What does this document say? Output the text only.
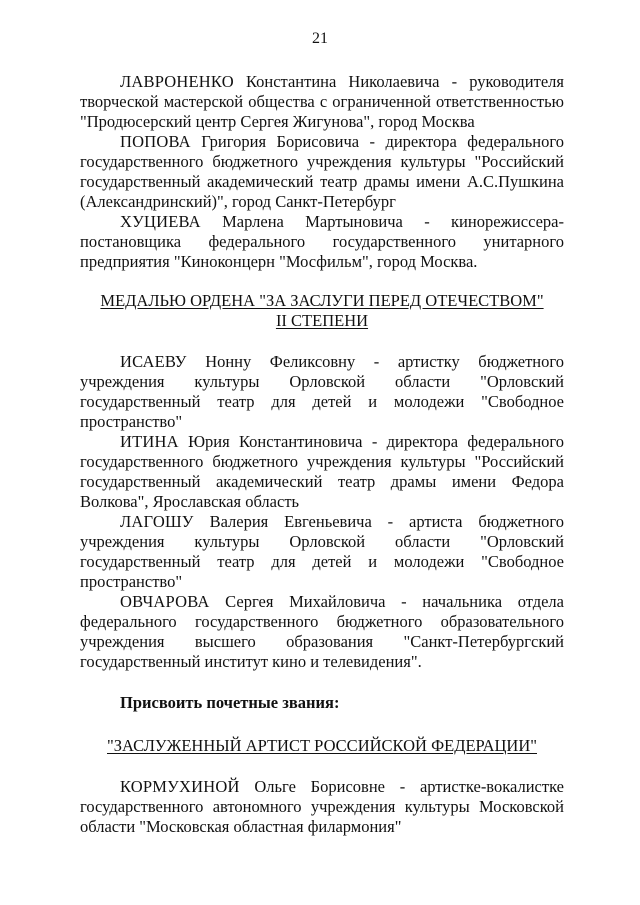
21

ЛАВРОНЕНКО Константина Николаевича - руководителя творческой мастерской общества с ограниченной ответственностью "Продюсерский центр Сергея Жигунова", город Москва

ПОПОВА Григория Борисовича - директора федерального государственного бюджетного учреждения культуры "Российский государственный академический театр драмы имени А.С.Пушкина (Александринский)", город Санкт-Петербург

ХУЦИЕВА Марлена Мартыновича - кинорежиссера-постановщика федерального государственного унитарного предприятия "Киноконцерн "Мосфильм", город Москва.

МЕДАЛЬЮ ОРДЕНА "ЗА ЗАСЛУГИ ПЕРЕД ОТЕЧЕСТВОМ"

II СТЕПЕНИ

ИСАЕВУ Нонну Феликсовну - артистку бюджетного учреждения культуры Орловской области "Орловский государственный театр для детей и молодежи "Свободное пространство"

ИТИНА Юрия Константиновича - директора федерального государственного бюджетного учреждения культуры "Российский государственный академический театр драмы имени Федора Волкова", Ярославская область

ЛАГОШУ Валерия Евгеньевича - артиста бюджетного учреждения культуры Орловской области "Орловский государственный театр для детей и молодежи "Свободное пространство"

ОВЧАРОВА Сергея Михайловича - начальника отдела федерального государственного бюджетного образовательного учреждения высшего образования "Санкт-Петербургский государственный институт кино и телевидения".

Присвоить почетные звания:

"ЗАСЛУЖЕННЫЙ АРТИСТ РОССИЙСКОЙ ФЕДЕРАЦИИ"

КОРМУХИНОЙ Ольге Борисовне - артистке-вокалистке государственного автономного учреждения культуры Московской области "Московская областная филармония"
